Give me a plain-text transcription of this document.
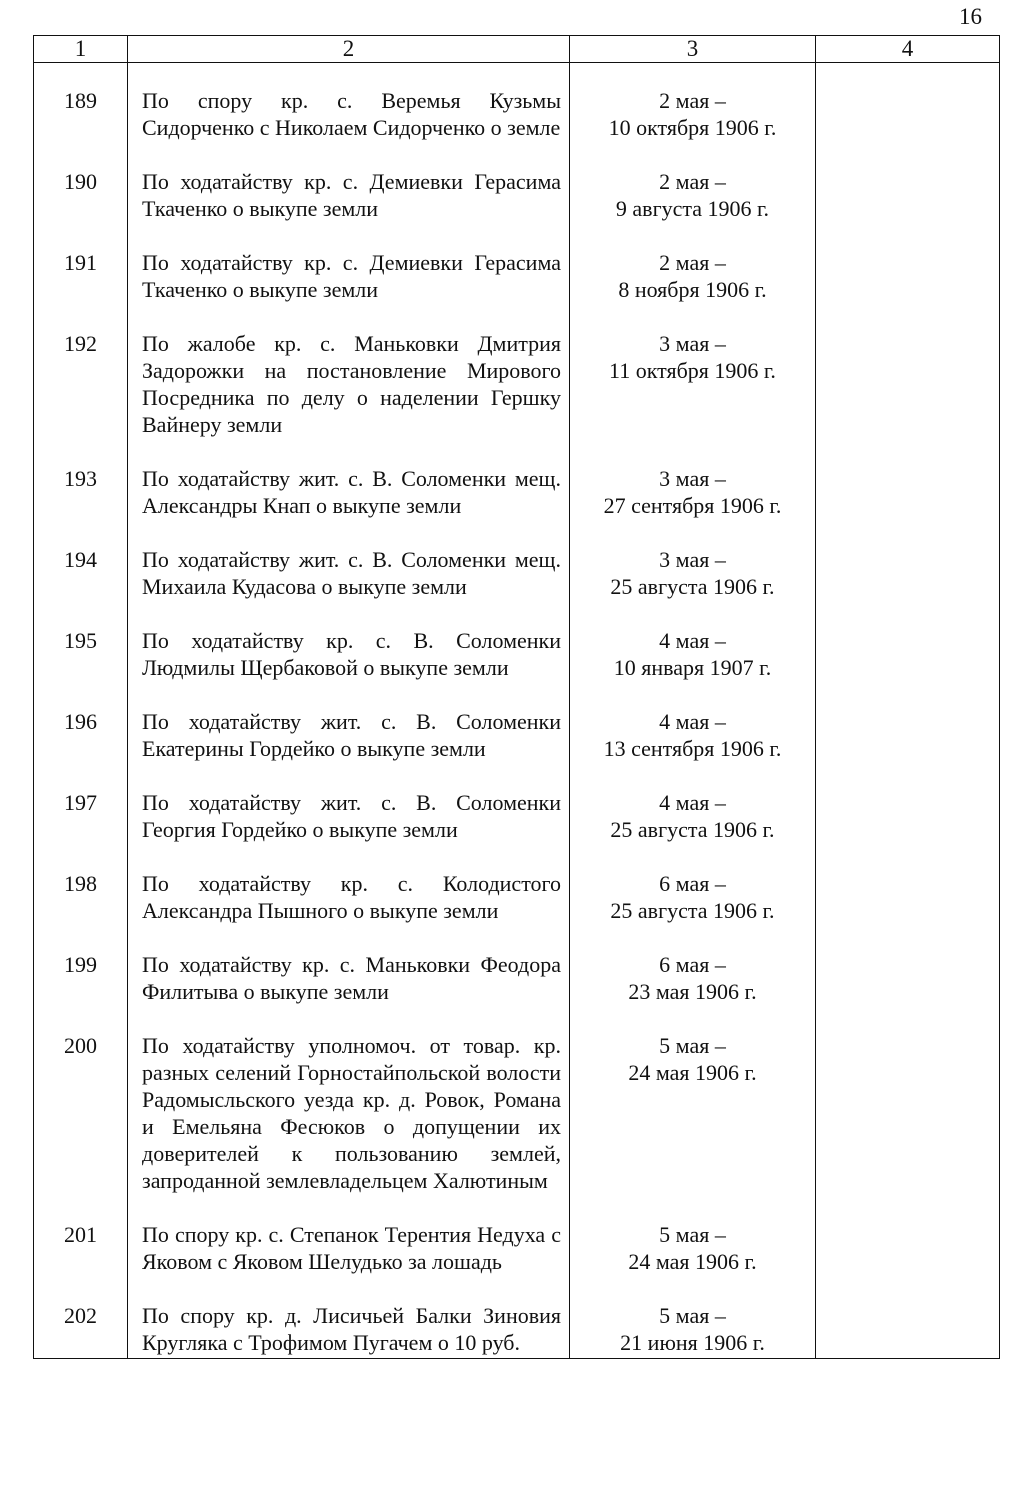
16
1	2	3	4

189	По спору кр. с. Веремья Кузьмы Сидорченко с Николаем Сидорченко о земле	2 мая –
10 октября 1906 г.	

190	По ходатайству кр. с. Демиевки Герасима Ткаченко о выкупе земли	2 мая –
9 августа 1906 г.	

191	По ходатайству кр. с. Демиевки Герасима Ткаченко о выкупе земли	2 мая –
8 ноября 1906 г.	

192	По жалобе кр. с. Маньковки Дмитрия Задорожки на постановление Мирового Посредника по делу о наделении Гершку Вайнеру земли	3 мая –
11 октября 1906 г.	

193	По ходатайству жит. с. В. Соломенки мещ. Александры Кнап о выкупе земли	3 мая –
27 сентября 1906 г.	

194	По ходатайству жит. с. В. Соломенки мещ. Михаила Кудасова о выкупе земли	3 мая –
25 августа 1906 г.	

195	По ходатайству кр. с. В. Соломенки Людмилы Щербаковой о выкупе земли	4 мая –
10 января 1907 г.	

196	По ходатайству жит. с. В. Соломенки Екатерины Гордейко о выкупе земли	4 мая –
13 сентября 1906 г.	

197	По ходатайству жит. с. В. Соломенки Георгия Гордейко о выкупе земли	4 мая –
25 августа 1906 г.	

198	По ходатайству кр. с. Колодистого Александра Пышного о выкупе земли	6 мая –
25 августа 1906 г.	

199	По ходатайству кр. с. Маньковки Феодора Филитыва о выкупе земли	6 мая –
23 мая 1906 г.	

200	По ходатайству уполномоч. от товар. кр. разных селений Горностайпольской волости Радомысльского уезда кр. д. Ровок, Романа и Емельяна Фесюков о допущении их доверителей к пользованию землей, запроданной землевладельцем Халютиным	5 мая –
24 мая 1906 г.	

201	По спору кр. с. Степанок Терентия Недуха с Яковом с Яковом Шелудько за лошадь	5 мая –
24 мая 1906 г.	

202	По спору кр. д. Лисичьей Балки Зиновия Кругляка с Трофимом Пугачем о 10 руб.	5 мая –
21 июня 1906 г.	
